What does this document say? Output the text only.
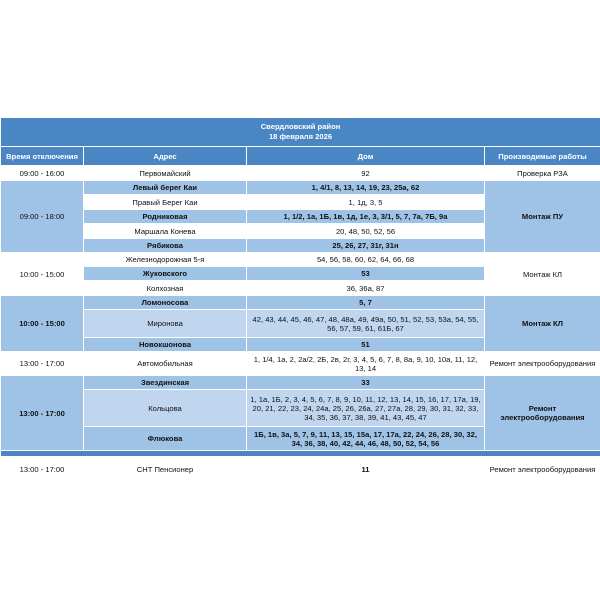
Свердловский район
18 февраля 2026			

Время отключения	Адрес	Дом	Производимые работы
09:00 - 16:00	Первомайский	92	Проверка РЗА
09:00 - 18:00	Левый берег Каи	1, 4/1, 8, 13, 14, 19, 23, 25а, 62	Монтаж ПУ
	Правый Берег Каи	1, 1д, 3, 5	
	Родниковая	1, 1/2, 1а, 1Б, 1в, 1д, 1е, 3, 3/1, 5, 7, 7а, 7Б, 9а	
	Маршала Конева	20, 48, 50, 52, 56	
	Рябикова	25, 26, 27, 31г, 31н	
10:00 - 15:00	Железнодорожная 5-я	54, 56, 58, 60, 62, 64, 66, 68	Монтаж КЛ
	Жуковского	53	
	Колхозная	36, 36а, 87	
10:00 - 15:00	Ломоносова	5, 7	Монтаж КЛ
	Миронова	42, 43, 44, 45, 46, 47, 48, 48а, 49, 49а, 50, 51, 52, 53, 53а, 54, 55, 56, 57, 59, 61, 61Б, 67	
	Новокшонова	51	
13:00 - 17:00	Автомобильная	1, 1/4, 1а, 2, 2а/2, 2Б, 2в, 2г, 3, 4, 5, 6, 7, 8, 8а, 9, 10, 10а, 11, 12, 13, 14	Ремонт электрооборудования
13:00 - 17:00	Звездинская	33	Ремонт электрооборудования
	Кольцова	1, 1а, 1Б, 2, 3, 4, 5, 6, 7, 8, 9, 10, 11, 12, 13, 14, 15, 16, 17, 17а, 19, 20, 21, 22, 23, 24, 24а, 25, 26, 26а, 27, 27а, 28, 29, 30, 31, 32, 33, 34, 35, 36, 37, 38, 39, 41, 43, 45, 47	
	Флюкова	1Б, 1в, 3а, 5, 7, 9, 11, 13, 15, 15а, 17, 17а, 22, 24, 26, 28, 30, 32, 34, 36, 38, 40, 42, 44, 46, 48, 50, 52, 54, 56	

13:00 - 17:00	СНТ Пенсионер	11	Ремонт электрооборудования
